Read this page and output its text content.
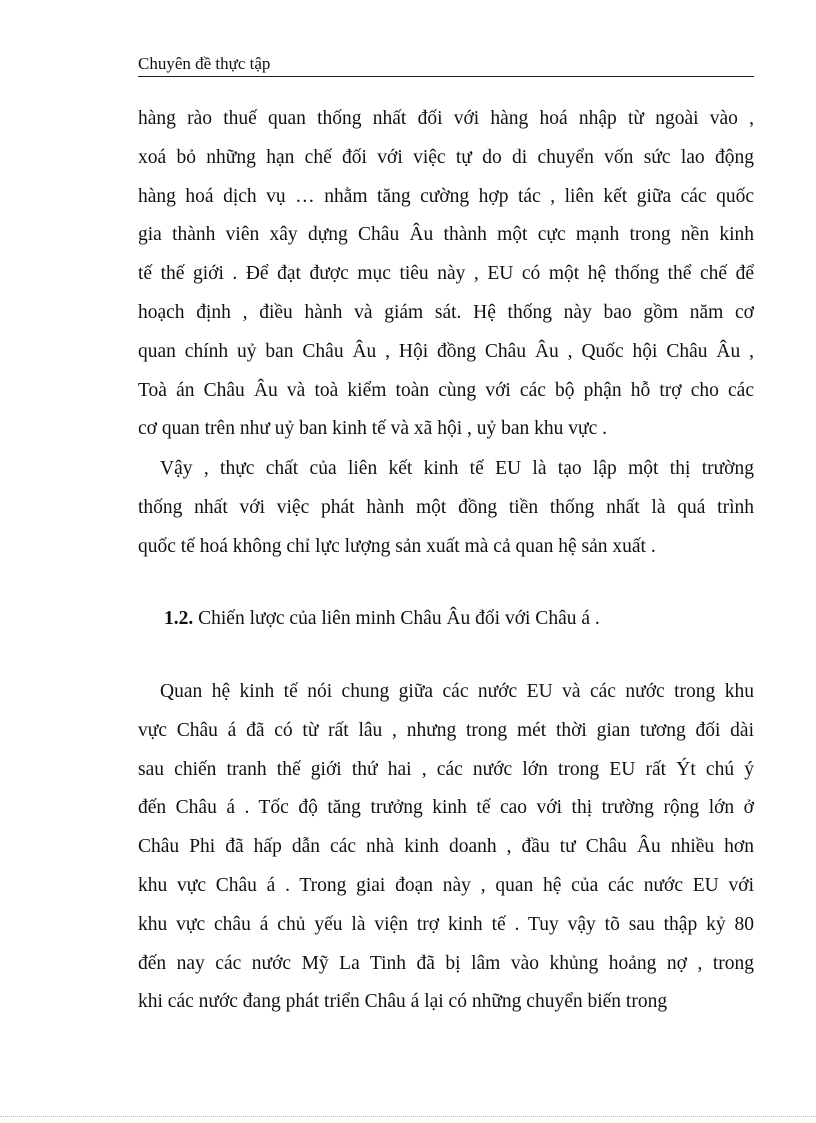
Chuyên đề thực tập
hàng rào thuế quan thống nhất đối với hàng hoá nhập từ ngoài vào ,
xoá bỏ những hạn chế đối với việc tự do di chuyển vốn sức lao động
hàng hoá dịch vụ … nhằm tăng cường hợp tác , liên kết giữa các quốc
gia thành viên xây dựng Châu Âu thành một cực mạnh trong nền kinh
tế thế giới . Để đạt được mục tiêu này , EU có một hệ thống thể chế để
hoạch định , điều hành và giám sát. Hệ thống này bao gồm năm cơ
quan chính uỷ ban Châu Âu , Hội đồng Châu Âu , Quốc hội Châu Âu ,
Toà án Châu Âu và toà kiểm toàn cùng với các bộ phận hỗ trợ cho các
cơ quan trên như uỷ ban kinh tế và xã hội , uỷ ban khu vực .
Vậy , thực chất của liên kết kinh tế EU là tạo lập một thị trường
thống nhất với việc phát hành một đồng tiền thống nhất là quá trình
quốc tế hoá không chỉ lực lượng sản xuất mà cả quan hệ sản xuất .
1.2. Chiến lược của liên minh Châu Âu đối với Châu á .
Quan hệ kinh tế nói chung giữa các nước EU và các nước trong khu
vực Châu á đã có từ rất lâu , nhưng trong mét thời gian tương đối dài
sau chiến tranh thế giới thứ hai , các nước lớn trong EU rất Ýt chú ý
đến Châu á . Tốc độ tăng trưởng kinh tế cao với thị trường rộng lớn ở
Châu Phi đã hấp dẫn các nhà kinh doanh , đầu tư Châu Âu nhiều hơn
khu vực Châu á . Trong giai đoạn này , quan hệ của các nước EU với
khu vực châu á chủ yếu là viện trợ kinh tế . Tuy vậy tõ sau thập kỷ 80
đến nay các nước Mỹ La Tinh đã bị lâm vào khủng hoảng nợ , trong
khi các nước đang phát triển Châu á lại có những chuyển biến trong
